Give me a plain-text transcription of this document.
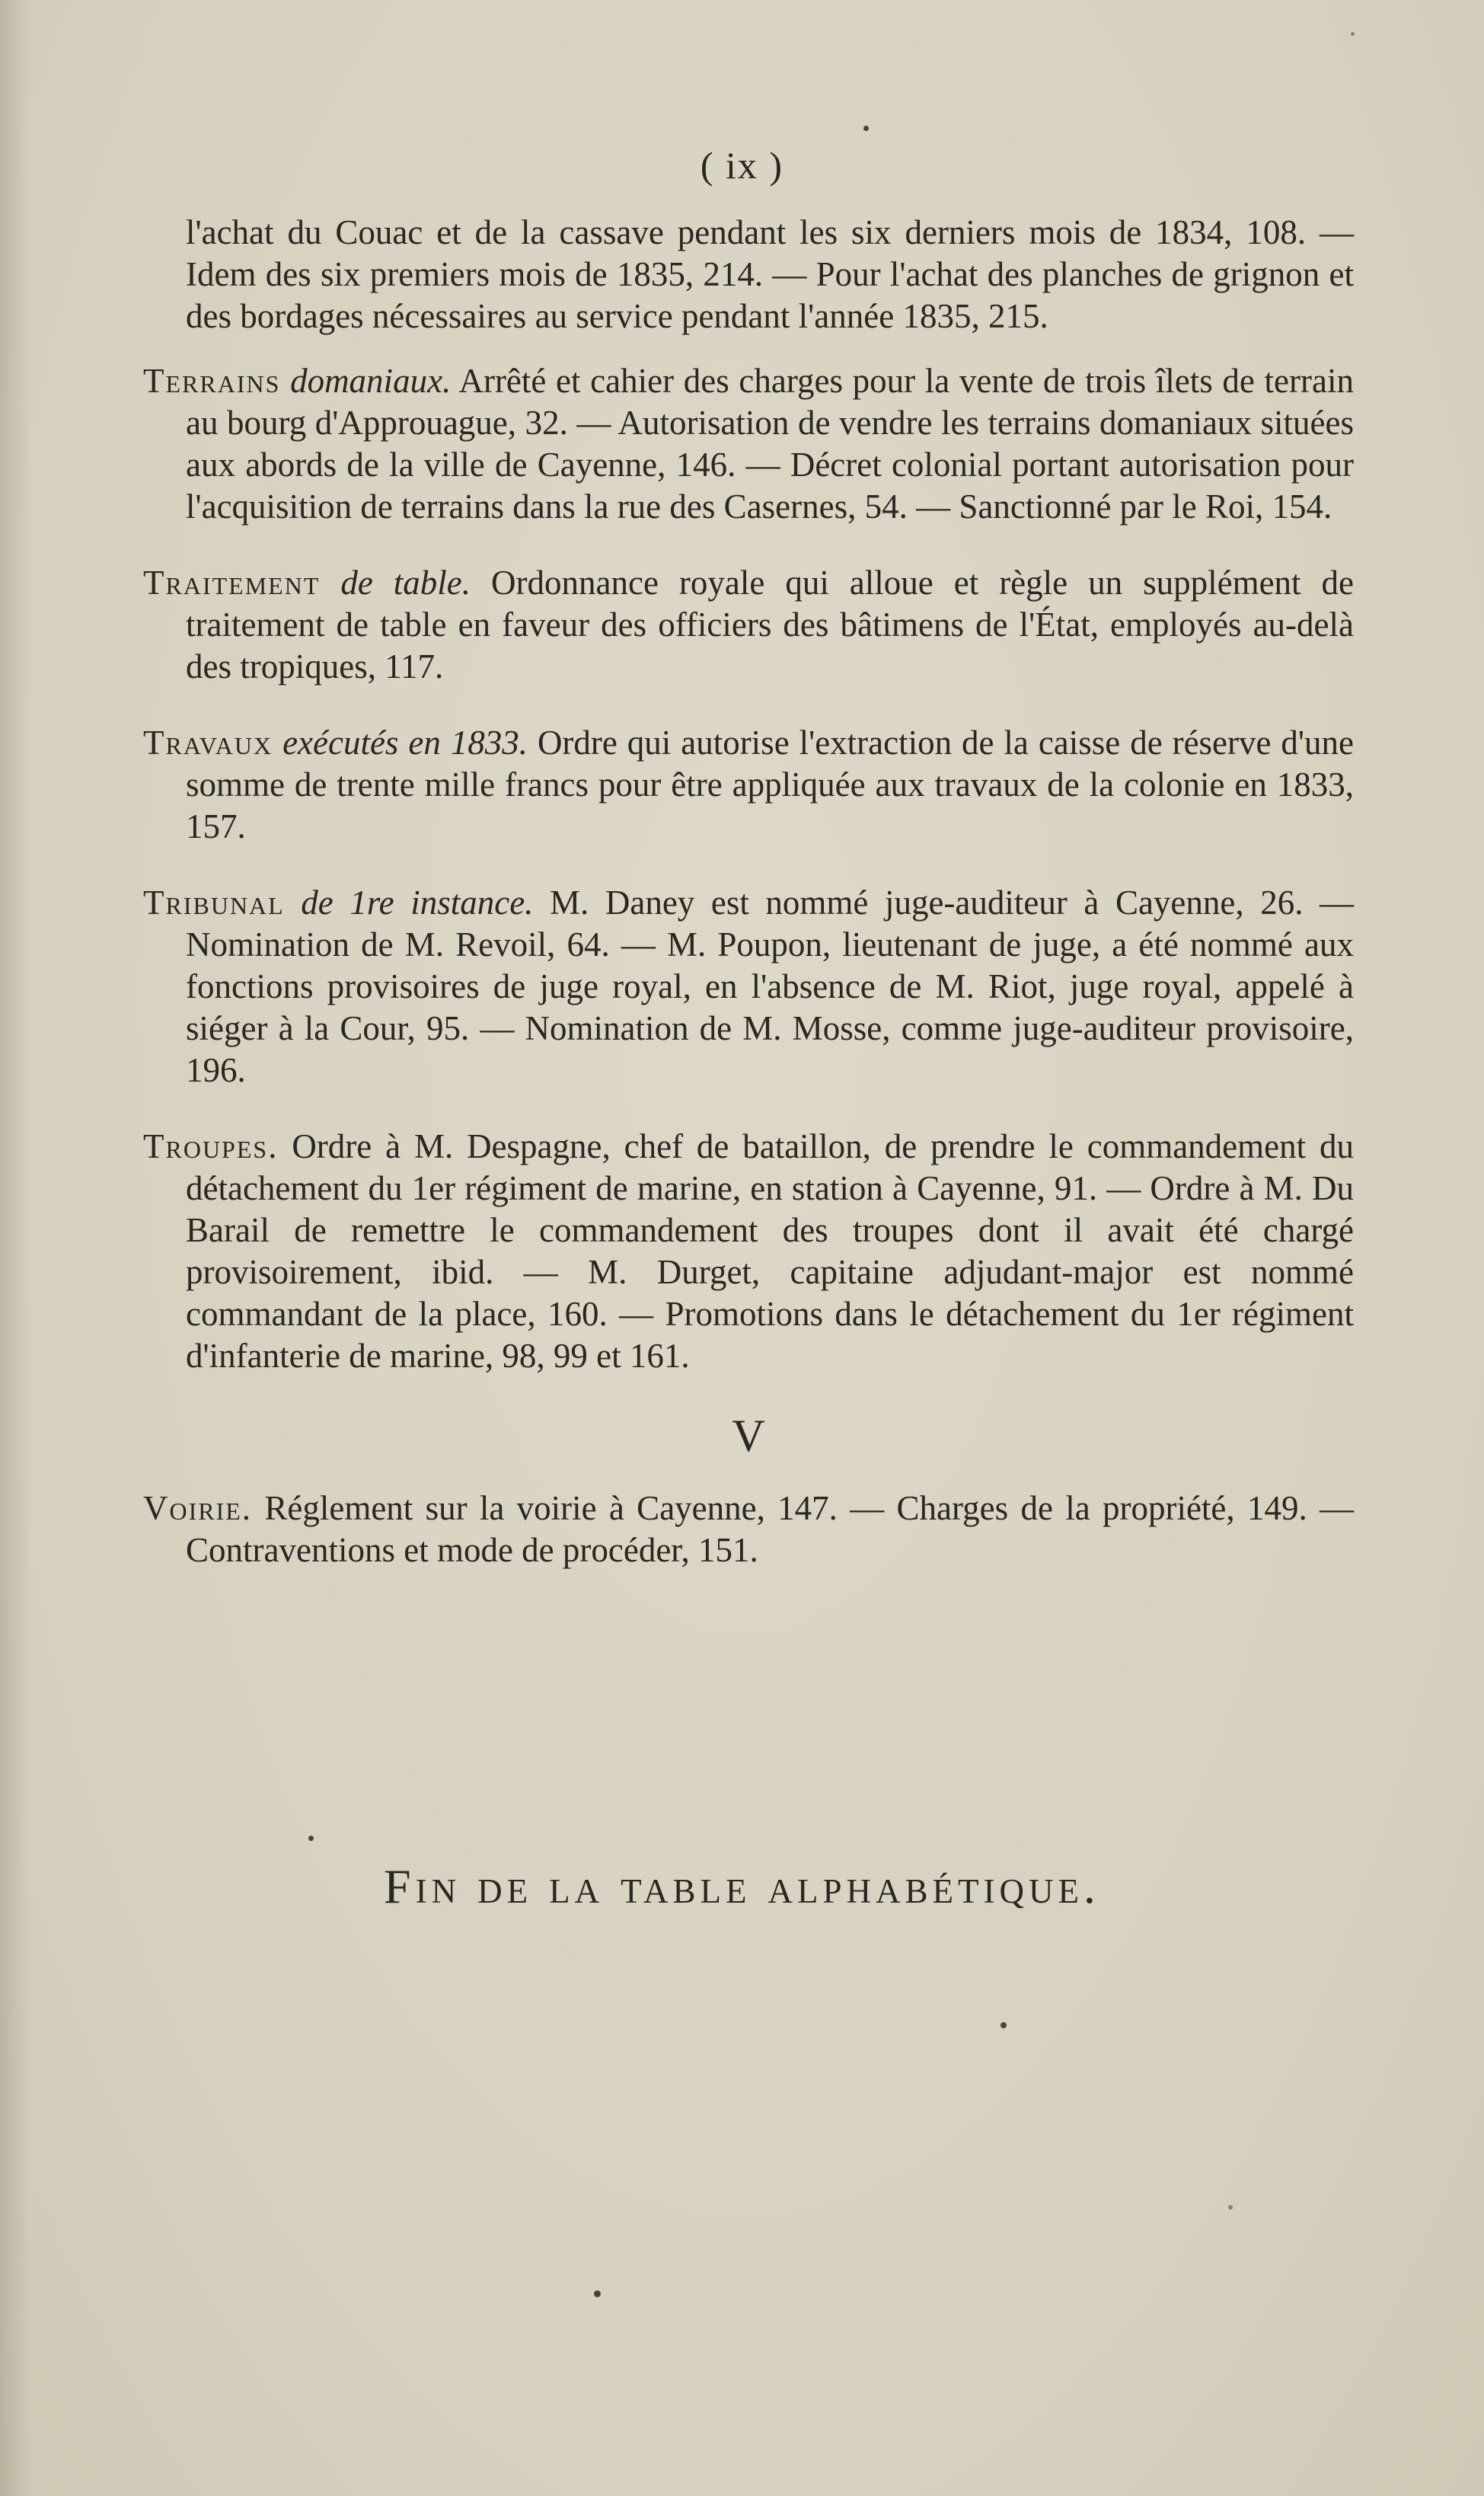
( ix )

l'achat du Couac et de la cassave pendant les six derniers mois de 1834, 108. — Idem des six premiers mois de 1835, 214. — Pour l'achat des planches de grignon et des bordages nécessaires au service pendant l'année 1835, 215.

Terrains domaniaux. Arrêté et cahier des charges pour la vente de trois îlets de terrain au bourg d'Approuague, 32. — Autorisation de vendre les terrains domaniaux situées aux abords de la ville de Cayenne, 146. — Décret colonial portant autorisation pour l'acquisition de terrains dans la rue des Casernes, 54. — Sanctionné par le Roi, 154.

Traitement de table. Ordonnance royale qui alloue et règle un supplément de traitement de table en faveur des officiers des bâtimens de l'État, employés au-delà des tropiques, 117.

Travaux exécutés en 1833. Ordre qui autorise l'extraction de la caisse de réserve d'une somme de trente mille francs pour être appliquée aux travaux de la colonie en 1833, 157.

Tribunal de 1re instance. M. Daney est nommé juge-auditeur à Cayenne, 26. — Nomination de M. Revoil, 64. — M. Poupon, lieutenant de juge, a été nommé aux fonctions provisoires de juge royal, en l'absence de M. Riot, juge royal, appelé à siéger à la Cour, 95. — Nomination de M. Mosse, comme juge-auditeur provisoire, 196.

Troupes. Ordre à M. Despagne, chef de bataillon, de prendre le commandement du détachement du 1er régiment de marine, en station à Cayenne, 91. — Ordre à M. Du Barail de remettre le commandement des troupes dont il avait été chargé provisoirement, ibid. — M. Durget, capitaine adjudant-major est nommé commandant de la place, 160. — Promotions dans le détachement du 1er régiment d'infanterie de marine, 98, 99 et 161.

V

Voirie. Réglement sur la voirie à Cayenne, 147. — Charges de la propriété, 149. — Contraventions et mode de procéder, 151.

Fin de la table alphabétique.
